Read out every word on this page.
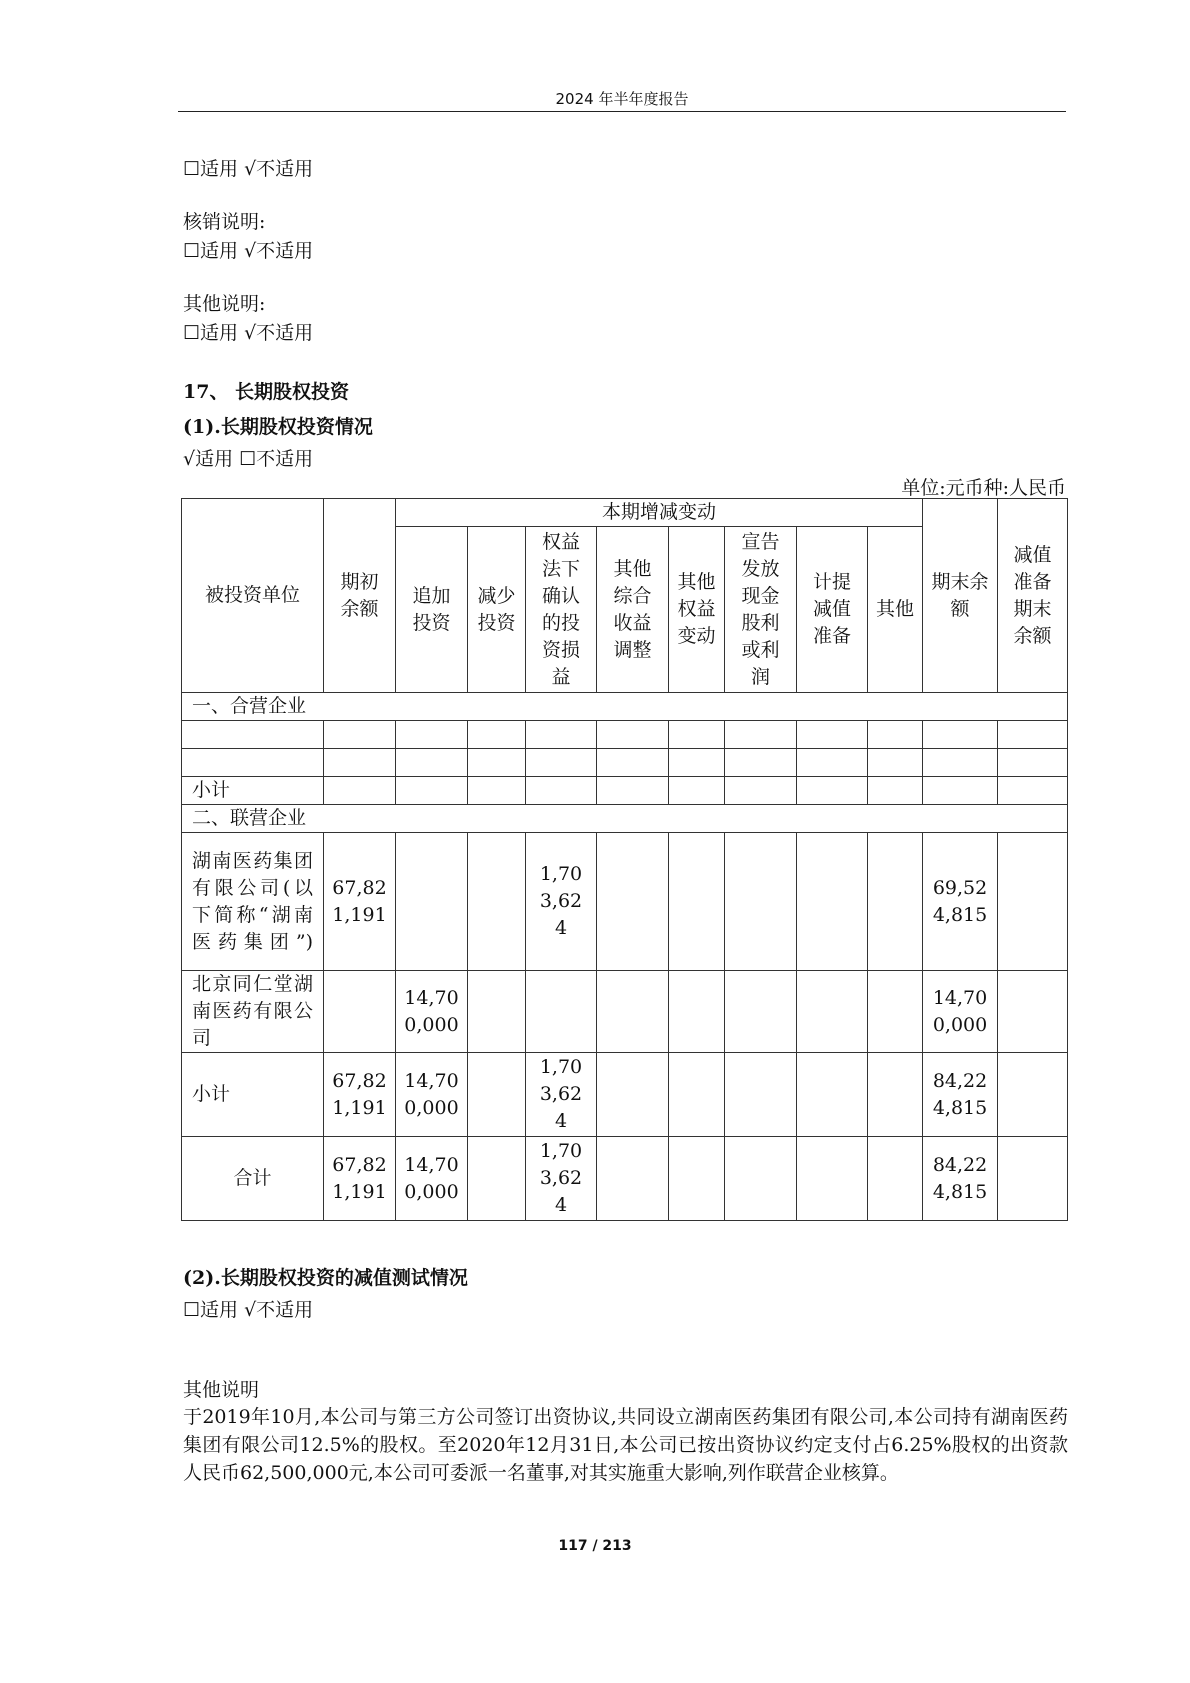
2024 年半年度报告
☐适用 √不适用
核销说明:
☐适用 √不适用
其他说明:
☐适用 √不适用
17、 长期股权投资
(1).长期股权投资情况
√适用 ☐不适用
单位:元币种:人民币
被投资单位	期初余额	本期增减变动								期末余额	减值准备期末余额
		追加投资	减少投资	权益法下确认的投资损益	其他综合收益调整	其他权益变动	宣告发放现金股利或利润	计提减值准备	其他		
一、合营企业											

小计											
二、联营企业											
湖南医药集团有限公司(以下简称“湖南医药集团”)	67,821,191			1,703,624						69,524,815	
北京同仁堂湖南医药有限公司		14,700,000								14,700,000	
小计	67,821,191	14,700,000		1,703,624						84,224,815	
合计	67,821,191	14,700,000		1,703,624						84,224,815	
(2).长期股权投资的减值测试情况
☐适用 √不适用
其他说明
于2019年10月,本公司与第三方公司签订出资协议,共同设立湖南医药集团有限公司,本公司持有湖南医药集团有限公司12.5%的股权。至2020年12月31日,本公司已按出资协议约定支付占6.25%股权的出资款人民币62,500,000元,本公司可委派一名董事,对其实施重大影响,列作联营企业核算。
117 / 213
